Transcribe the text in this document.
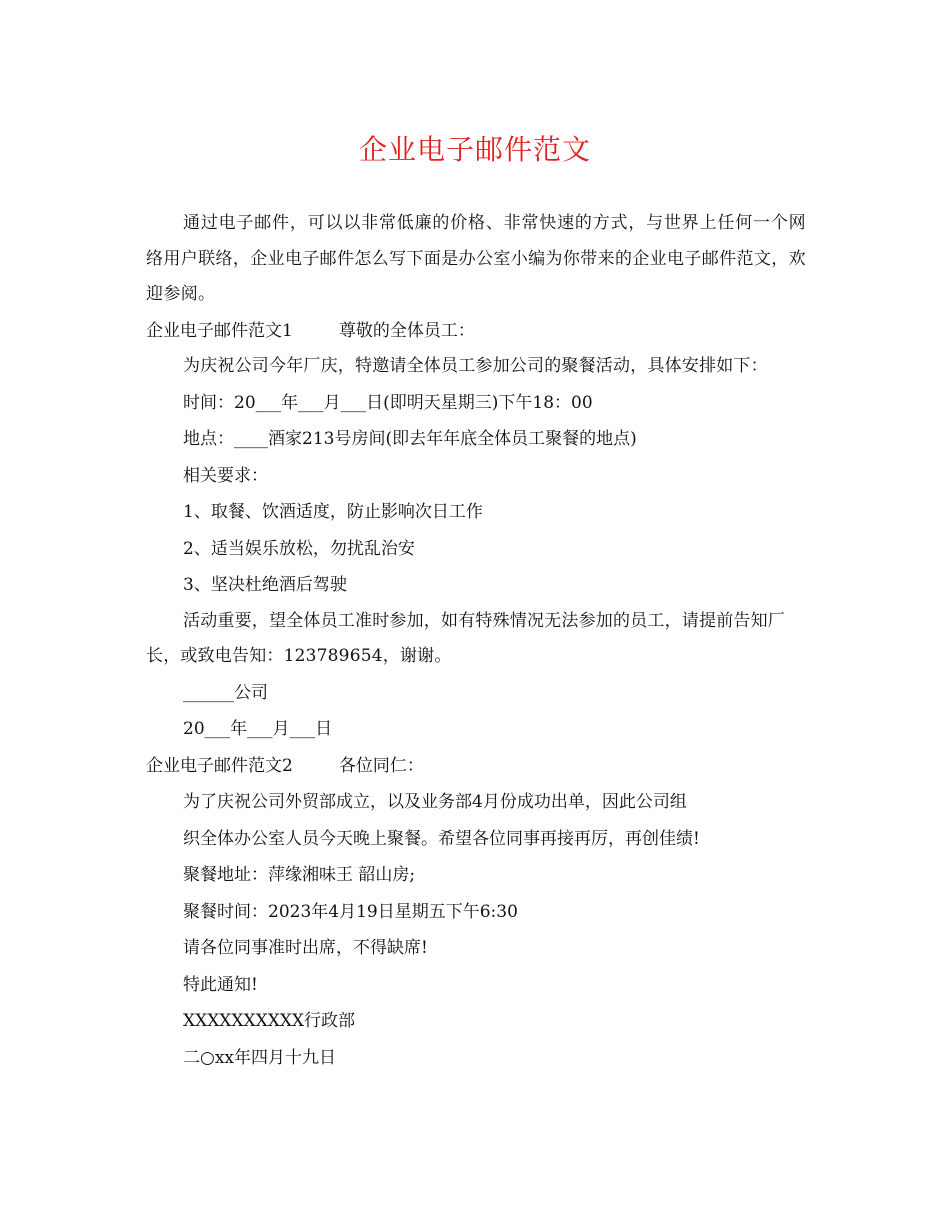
企业电子邮件范文

通过电子邮件，可以以非常低廉的价格、非常快速的方式，与世界上任何一个网络用户联络，企业电子邮件怎么写下面是办公室小编为你带来的企业电子邮件范文，欢迎参阅。

企业电子邮件范文1	尊敬的全体员工：

为庆祝公司今年厂庆，特邀请全体员工参加公司的聚餐活动，具体安排如下：

时间：20___年___月___日(即明天星期三)下午18：00

地点：____酒家213号房间(即去年年底全体员工聚餐的地点)

相关要求：

1、取餐、饮酒适度，防止影响次日工作

2、适当娱乐放松，勿扰乱治安

3、坚决杜绝酒后驾驶

活动重要，望全体员工准时参加，如有特殊情况无法参加的员工，请提前告知厂长，或致电告知：123789654，谢谢。

______公司

20___年___月___日

企业电子邮件范文2	各位同仁：

为了庆祝公司外贸部成立，以及业务部4月份成功出单，因此公司组

织全体办公室人员今天晚上聚餐。希望各位同事再接再厉，再创佳绩!

聚餐地址：萍缘湘味王 韶山房;

聚餐时间：2023年4月19日星期五下午6:30

请各位同事准时出席，不得缺席!

特此通知!

XXXXXXXXXX行政部

二○xx年四月十九日
